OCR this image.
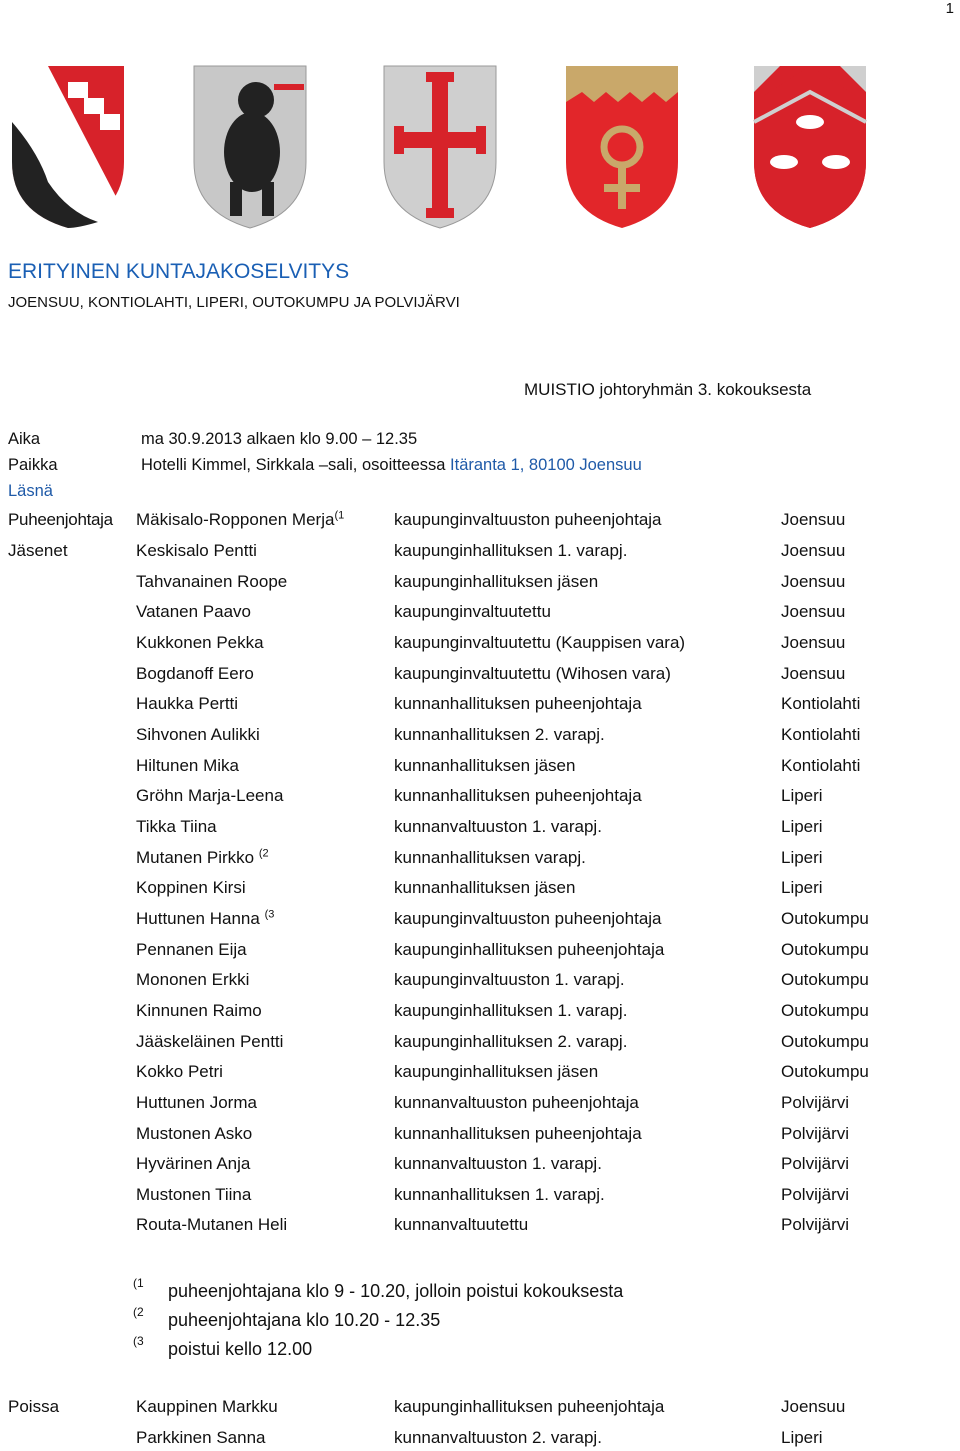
1
ERITYINEN KUNTAJAKOSELVITYS
JOENSUU, KONTIOLAHTI, LIPERI, OUTOKUMPU JA POLVIJÄRVI
MUISTIO johtoryhmän 3. kokouksesta
Aika	ma 30.9.2013 alkaen klo 9.00 – 12.35
Paikka	Hotelli Kimmel, Sirkkala –sali, osoitteessa Itäranta 1, 80100 Joensuu
Läsnä
Puheenjohtaja Mäkisalo-Ropponen Merja$^{(1}$	kaupunginvaltuuston puheenjohtaja	Joensuu
Jäsenet	Keskisalo Pentti	kaupunginhallituksen 1. varapj.	Joensuu
Tahvanainen Roope	kaupunginhallituksen jäsen	Joensuu
Vatanen Paavo	kaupunginvaltuutettu	Joensuu
Kukkonen Pekka	kaupunginvaltuutettu (Kauppisen vara)	Joensuu
Bogdanoff Eero	kaupunginvaltuutettu (Wihosen vara)	Joensuu
Haukka Pertti	kunnanhallituksen puheenjohtaja	Kontiolahti
Sihvonen Aulikki	kunnanhallituksen 2. varapj.	Kontiolahti
Hiltunen Mika	kunnanhallituksen jäsen	Kontiolahti
Gröhn Marja-Leena	kunnanhallituksen puheenjohtaja	Liperi
Tikka Tiina	kunnanvaltuuston 1. varapj.	Liperi
Mutanen Pirkko $^{(2}$	kunnanhallituksen varapj.	Liperi
Koppinen Kirsi	kunnanhallituksen jäsen	Liperi
Huttunen Hanna $^{(3}$	kaupunginvaltuuston puheenjohtaja	Outokumpu
Pennanen Eija	kaupunginhallituksen puheenjohtaja	Outokumpu
Mononen Erkki	kaupunginvaltuuston 1. varapj.	Outokumpu
Kinnunen Raimo	kaupunginhallituksen 1. varapj.	Outokumpu
Jääskeläinen Pentti	kaupunginhallituksen 2. varapj.	Outokumpu
Kokko Petri	kaupunginhallituksen jäsen	Outokumpu
Huttunen Jorma	kunnanvaltuuston puheenjohtaja	Polvijärvi
Mustonen Asko	kunnanhallituksen puheenjohtaja	Polvijärvi
Hyvärinen Anja	kunnanvaltuuston 1. varapj.	Polvijärvi
Mustonen Tiina	kunnanhallituksen 1. varapj.	Polvijärvi
Routa-Mutanen Heli	kunnanvaltuutettu	Polvijärvi
(1 puheenjohtajana klo 9 - 10.20, jolloin poistui kokouksesta
(2 puheenjohtajana klo 10.20 - 12.35
(3 poistui kello 12.00
Poissa	Kauppinen Markku	kaupunginhallituksen puheenjohtaja	Joensuu
Parkkinen Sanna	kunnanvaltuuston 2. varapj.	Liperi
